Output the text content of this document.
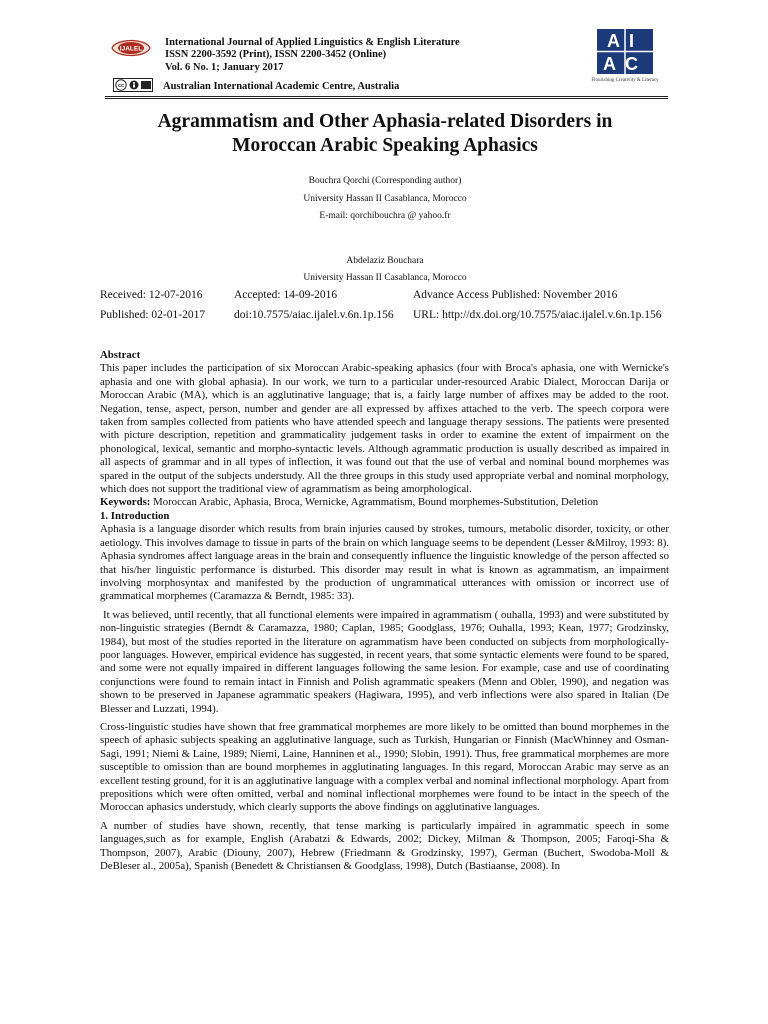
IJALEL
International Journal of Applied Linguistics & English Literature
ISSN 2200-3592 (Print), ISSN 2200-3452 (Online)
Vol. 6 No. 1; January 2017
cc	Australian International Academic Centre, Australia
AI
AC
Flourishing Creativity & Literacy
Agrammatism and Other Aphasia-related Disorders in
Moroccan Arabic Speaking Aphasics
Bouchra Qorchi (Corresponding author)
University Hassan II Casablanca, Morocco
E-mail: qorchibouchra @ yahoo.fr
Abdelaziz Bouchara
University Hassan II Casablanca, Morocco
Received: 12-07-2016	Accepted: 14-09-2016	Advance Access Published: November 2016
Published: 02-01-2017	doi:10.7575/aiac.ijalel.v.6n.1p.156 URL: http://dx.doi.org/10.7575/aiac.ijalel.v.6n.1p.156

Abstract

This paper includes the participation of six Moroccan Arabic-speaking aphasics (four with Broca's aphasia, one with Wernicke's aphasia and one with global aphasia). In our work, we turn to a particular under-resourced Arabic Dialect, Moroccan Darija or Moroccan Arabic (MA), which is an agglutinative language; that is, a fairly large number of affixes may be added to the root. Negation, tense, aspect, person, number and gender are all expressed by affixes attached to the verb. The speech corpora were taken from samples collected from patients who have attended speech and language therapy sessions. The patients were presented with picture description, repetition and grammaticality judgement tasks in order to examine the extent of impairment on the phonological, lexical, semantic and morpho-syntactic levels. Although agrammatic production is usually described as impaired in all aspects of grammar and in all types of inflection, it was found out that the use of verbal and nominal bound morphemes was spared in the output of the subjects understudy. All the three groups in this study used appropriate verbal and nominal morphology, which does not support the traditional view of agrammatism as being amorphological.

Keywords: Moroccan Arabic, Aphasia, Broca, Wernicke, Agrammatism, Bound morphemes-Substitution, Deletion

1. Introduction

Aphasia is a language disorder which results from brain injuries caused by strokes, tumours, metabolic disorder, toxicity, or other aetiology. This involves damage to tissue in parts of the brain on which language seems to be dependent (Lesser &Milroy, 1993: 8). Aphasia syndromes affect language areas in the brain and consequently influence the linguistic knowledge of the person affected so that his/her linguistic performance is disturbed. This disorder may result in what is known as agrammatism, an impairment involving morphosyntax and manifested by the production of ungrammatical utterances with omission or incorrect use of grammatical morphemes (Caramazza & Berndt, 1985: 33).

It was believed, until recently, that all functional elements were impaired in agrammatism ( ouhalla, 1993) and were substituted by non-linguistic strategies (Berndt & Caramazza, 1980; Caplan, 1985; Goodglass, 1976; Ouhalla, 1993; Kean, 1977; Grodzinsky, 1984), but most of the studies reported in the literature on agrammatism have been conducted on subjects from morphologically-poor languages. However, empirical evidence has suggested, in recent years, that some syntactic elements were found to be spared, and some were not equally impaired in different languages following the same lesion. For example, case and use of coordinating conjunctions were found to remain intact in Finnish and Polish agrammatic speakers (Menn and Obler, 1990), and negation was shown to be preserved in Japanese agrammatic speakers (Hagiwara, 1995), and verb inflections were also spared in Italian (De Blesser and Luzzati, 1994).

Cross-linguistic studies have shown that free grammatical morphemes are more likely to be omitted than bound morphemes in the speech of aphasic subjects speaking an agglutinative language, such as Turkish, Hungarian or Finnish (MacWhinney and Osman-Sagi, 1991; Niemi & Laine, 1989; Niemi, Laine, Hanninen et al., 1990; Slobin, 1991). Thus, free grammatical morphemes are more susceptible to omission than are bound morphemes in agglutinating languages. In this regard, Moroccan Arabic may serve as an excellent testing ground, for it is an agglutinative language with a complex verbal and nominal inflectional morphology. Apart from prepositions which were often omitted, verbal and nominal inflectional morphemes were found to be intact in the speech of the Moroccan aphasics understudy, which clearly supports the above findings on agglutinative languages.

A number of studies have shown, recently, that tense marking is particularly impaired in agrammatic speech in some languages,such as for example, English (Arabatzi & Edwards, 2002; Dickey, Milman & Thompson, 2005; Faroqi-Sha & Thompson, 2007), Arabic (Diouny, 2007), Hebrew (Friedmann & Grodzinsky, 1997), German (Buchert, Swodoba-Moll & DeBleser al., 2005a), Spanish (Benedett & Christiansen & Goodglass, 1998), Dutch (Bastiaanse, 2008). In
